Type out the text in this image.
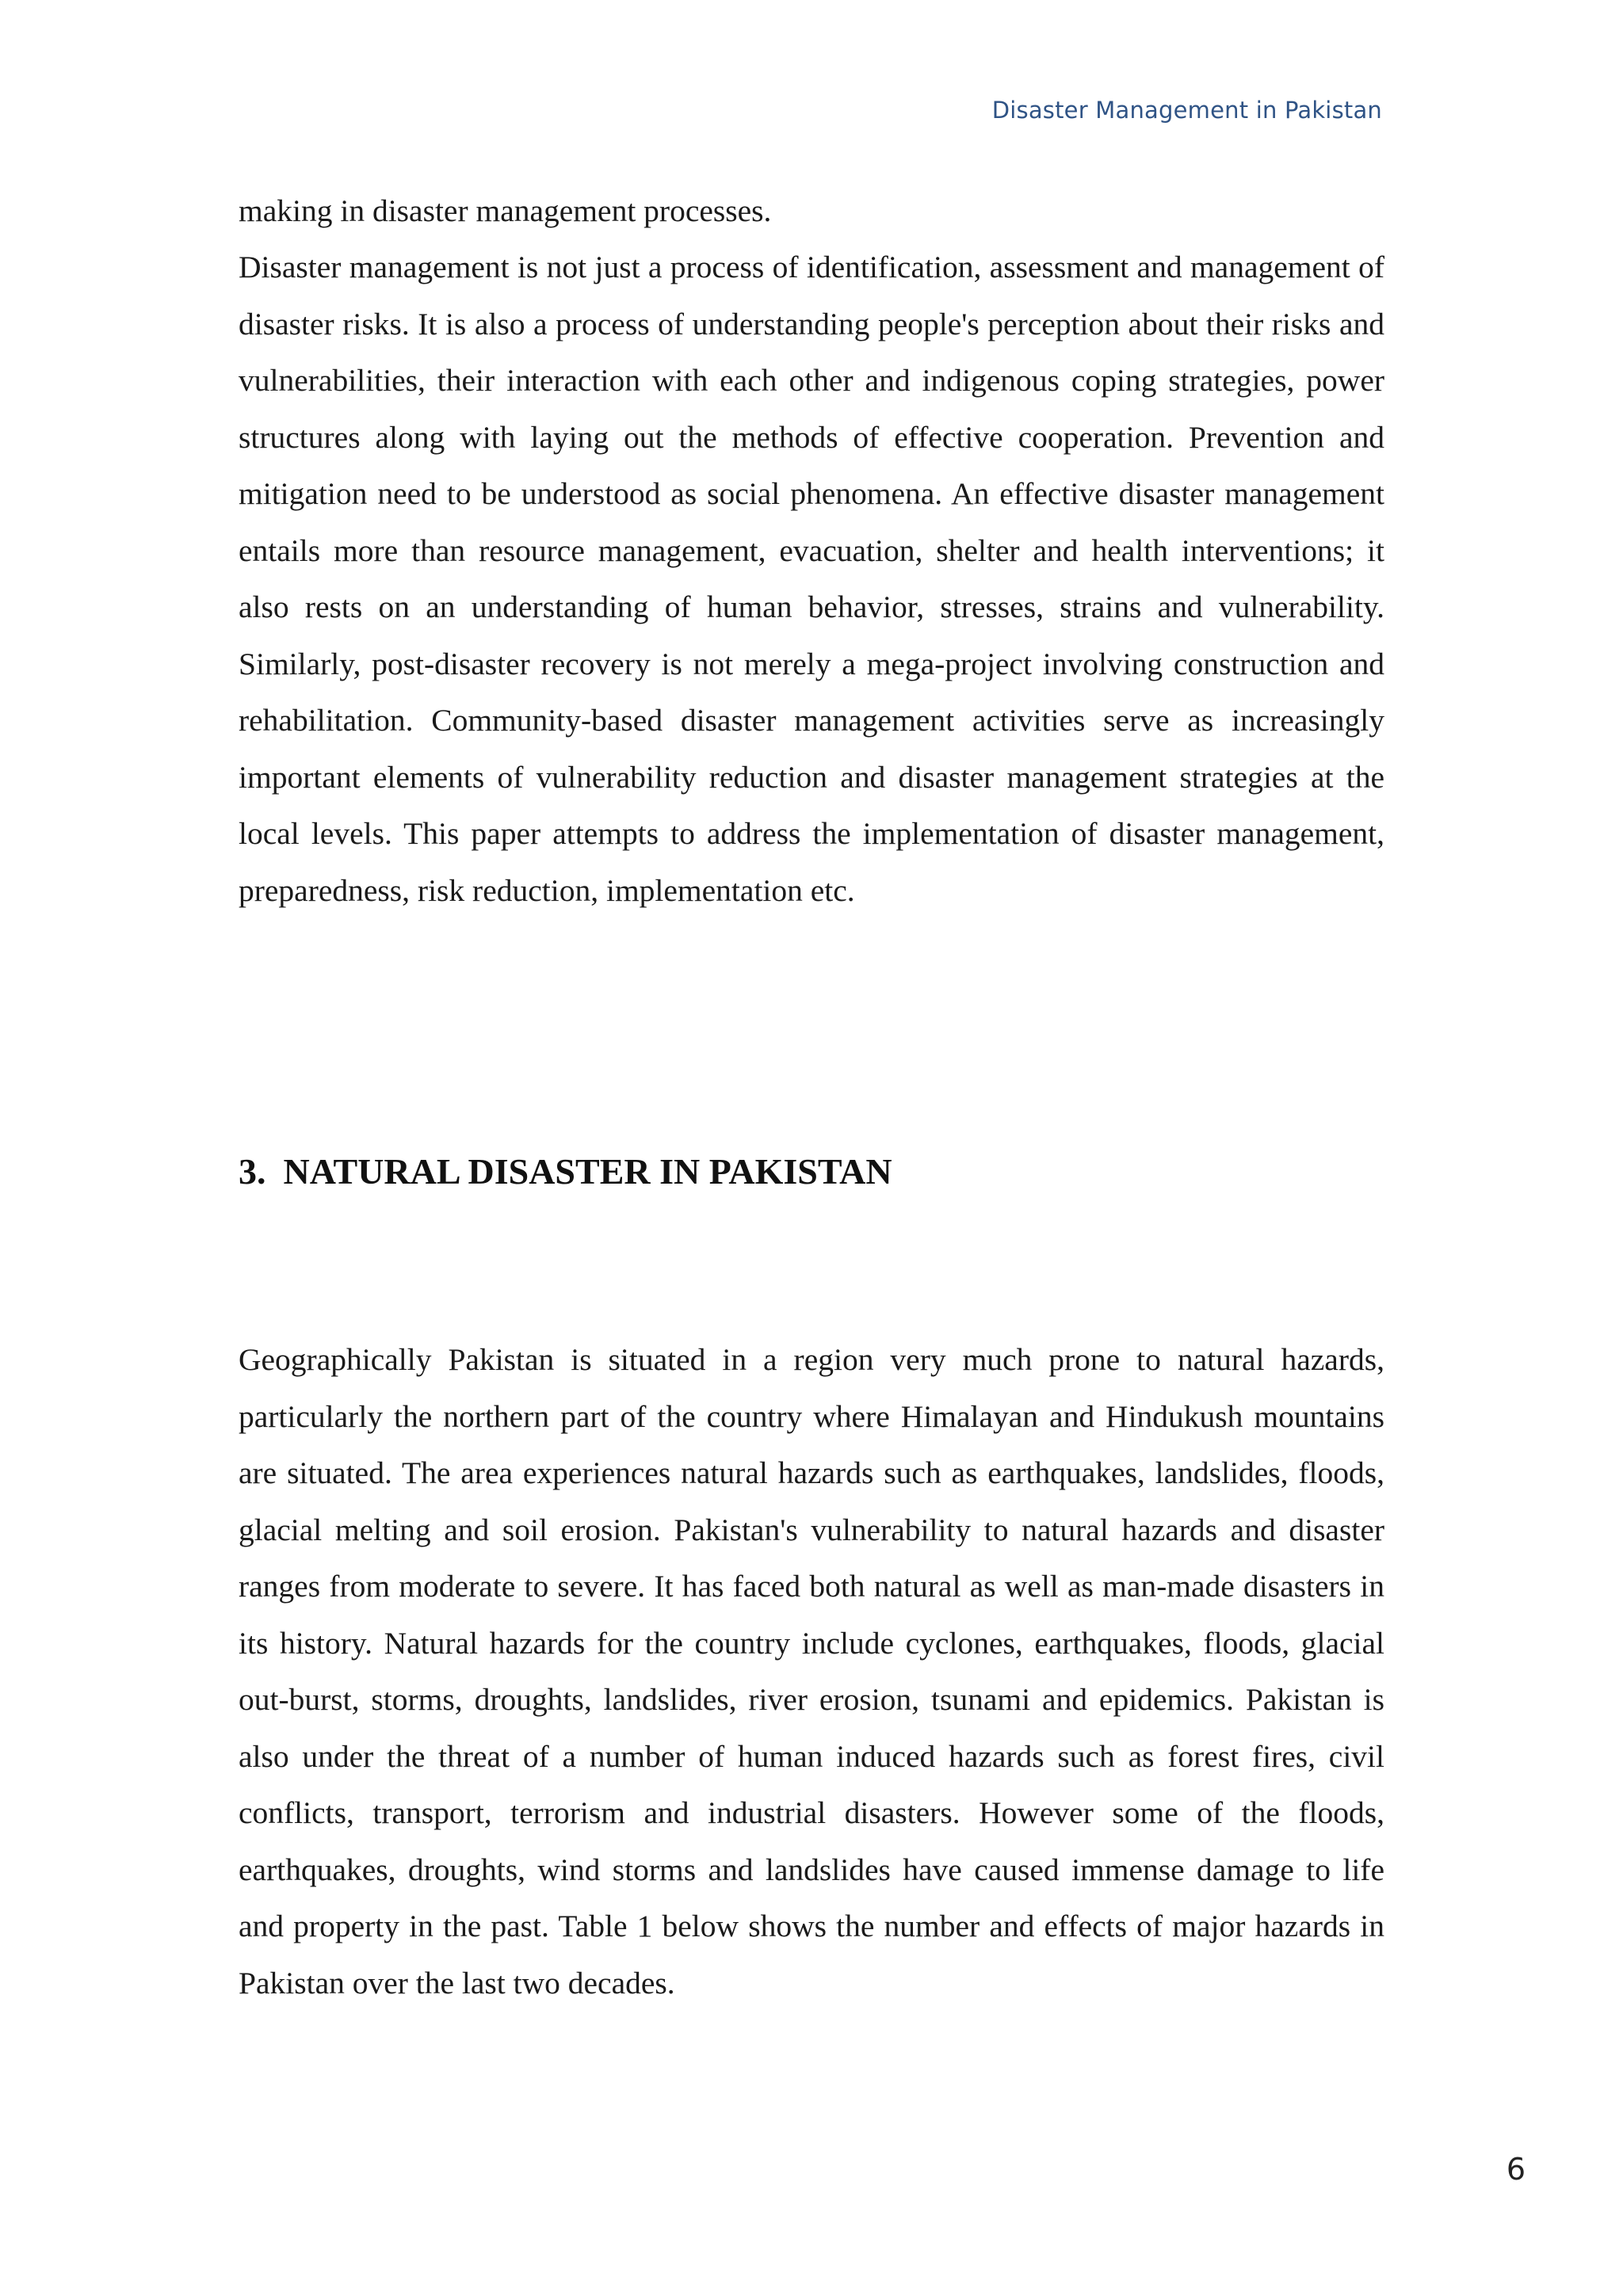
Disaster Management in Pakistan
making in disaster management processes.

Disaster management is not just a process of identification, assessment and management of disaster risks. It is also a process of understanding people's perception about their risks and vulnerabilities, their interaction with each other and indigenous coping strategies, power structures along with laying out the methods of effective cooperation. Prevention and mitigation need to be understood as social phenomena. An effective disaster management entails more than resource management, evacuation, shelter and health interventions; it also rests on an understanding of human behavior, stresses, strains and vulnerability. Similarly, post-disaster recovery is not merely a mega-project involving construction and rehabilitation. Community-based disaster management activities serve as increasingly important elements of vulnerability reduction and disaster management strategies at the local levels. This paper attempts to address the implementation of disaster management, preparedness, risk reduction, implementation etc.

3. NATURAL DISASTER IN PAKISTAN

Geographically Pakistan is situated in a region very much prone to natural hazards, particularly the northern part of the country where Himalayan and Hindukush mountains are situated. The area experiences natural hazards such as earthquakes, landslides, floods, glacial melting and soil erosion. Pakistan's vulnerability to natural hazards and disaster ranges from moderate to severe. It has faced both natural as well as man-made disasters in its history. Natural hazards for the country include cyclones, earthquakes, floods, glacial out-burst, storms, droughts, landslides, river erosion, tsunami and epidemics. Pakistan is also under the threat of a number of human induced hazards such as forest fires, civil conflicts, transport, terrorism and industrial disasters. However some of the floods, earthquakes, droughts, wind storms and landslides have caused immense damage to life and property in the past. Table 1 below shows the number and effects of major hazards in Pakistan over the last two decades.

6
